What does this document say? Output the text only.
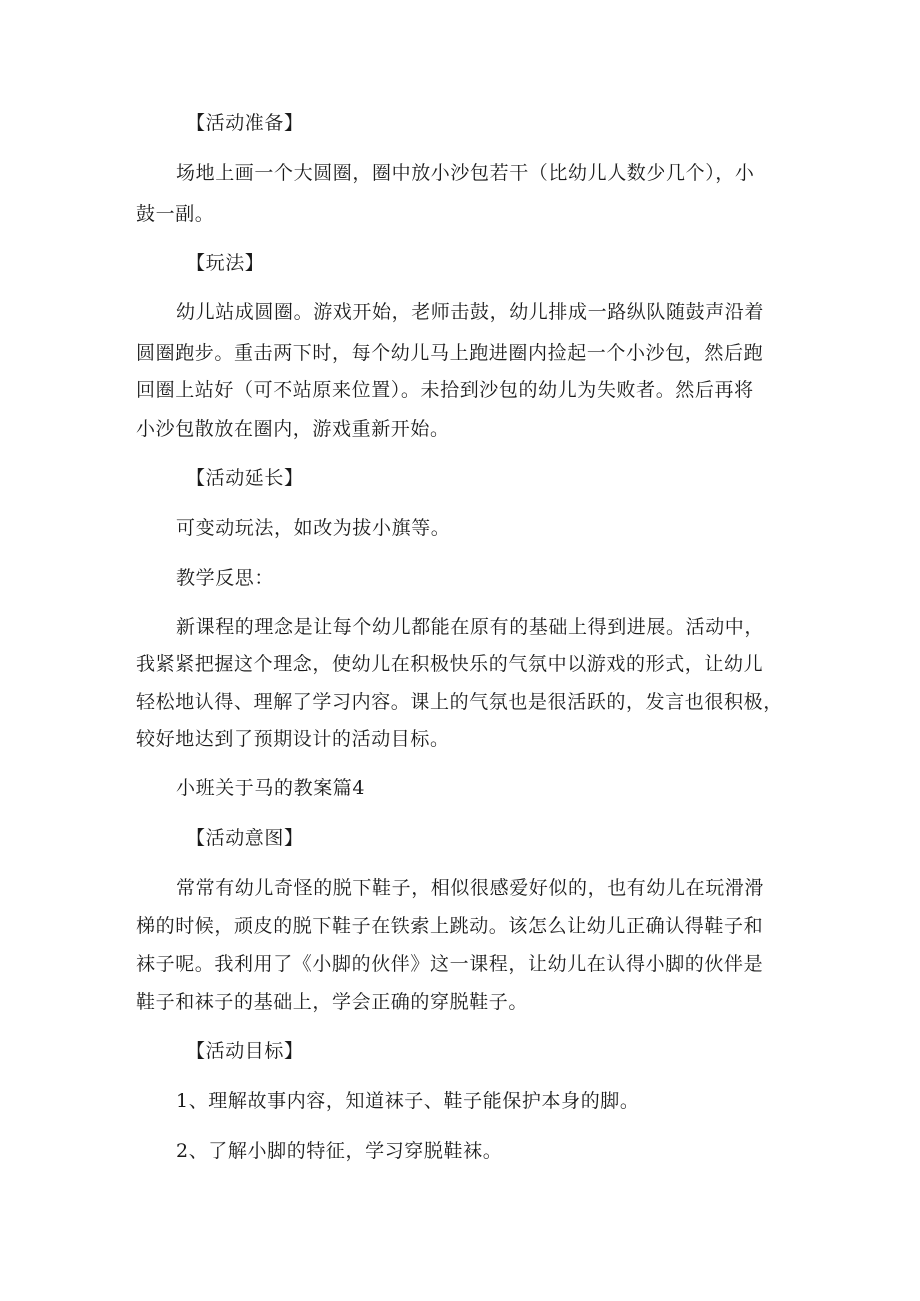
【活动准备】
场地上画一个大圆圈，圈中放小沙包若干（比幼儿人数少几个），小
鼓一副。
【玩法】
幼儿站成圆圈。游戏开始，老师击鼓，幼儿排成一路纵队随鼓声沿着
圆圈跑步。重击两下时，每个幼儿马上跑进圈内捡起一个小沙包，然后跑
回圈上站好（可不站原来位置）。未拾到沙包的幼儿为失败者。然后再将
小沙包散放在圈内，游戏重新开始。
【活动延长】
可变动玩法，如改为拔小旗等。
教学反思：
新课程的理念是让每个幼儿都能在原有的基础上得到进展。活动中，
我紧紧把握这个理念，使幼儿在积极快乐的气氛中以游戏的形式，让幼儿
轻松地认得、理解了学习内容。课上的气氛也是很活跃的，发言也很积极，
较好地达到了预期设计的活动目标。
小班关于马的教案篇4
【活动意图】
常常有幼儿奇怪的脱下鞋子，相似很感爱好似的，也有幼儿在玩滑滑
梯的时候，顽皮的脱下鞋子在铁索上跳动。该怎么让幼儿正确认得鞋子和
袜子呢。我利用了《小脚的伙伴》这一课程，让幼儿在认得小脚的伙伴是
鞋子和袜子的基础上，学会正确的穿脱鞋子。
【活动目标】
1、理解故事内容，知道袜子、鞋子能保护本身的脚。
2、了解小脚的特征，学习穿脱鞋袜。
